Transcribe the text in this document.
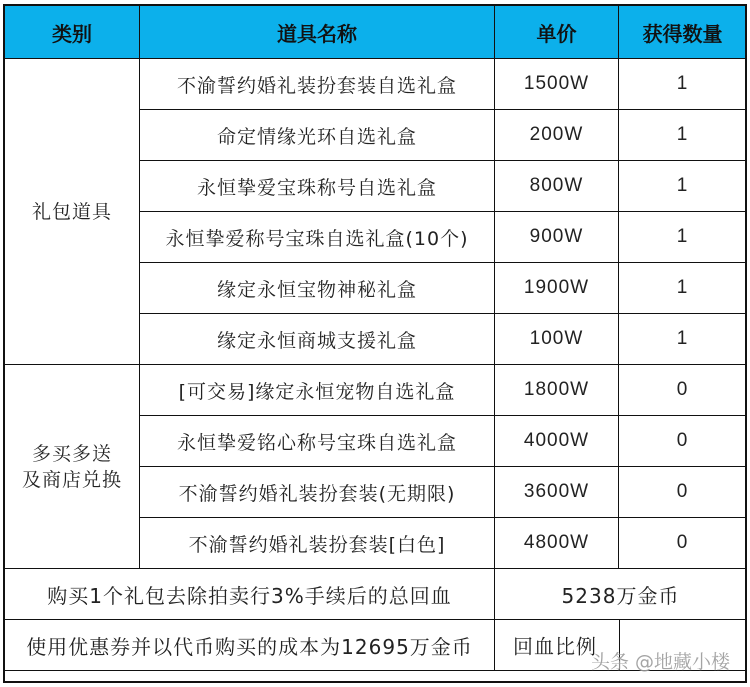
类别	道具名称	单价	获得数量
礼包道具	不渝誓约婚礼装扮套装自选礼盒	1500W	1
	命定情缘光环自选礼盒	200W	1
	永恒挚爱宝珠称号自选礼盒	800W	1
	永恒挚爱称号宝珠自选礼盒(10个)	900W	1
	缘定永恒宝物神秘礼盒	1900W	1
	缘定永恒商城支援礼盒	100W	1

多买多送
及商店兑换	[可交易]缘定永恒宠物自选礼盒	1800W	0
	永恒挚爱铭心称号宝珠自选礼盒	4000W	0
	不渝誓约婚礼装扮套装(无期限)	3600W	0
	不渝誓约婚礼装扮套装[白色]	4800W	0
购买1个礼包去除拍卖行3%手续后的总回血		5238万金币	
使用优惠券并以代币购买的成本为12695万金币		回血比例	
头条 @地藏小楼
